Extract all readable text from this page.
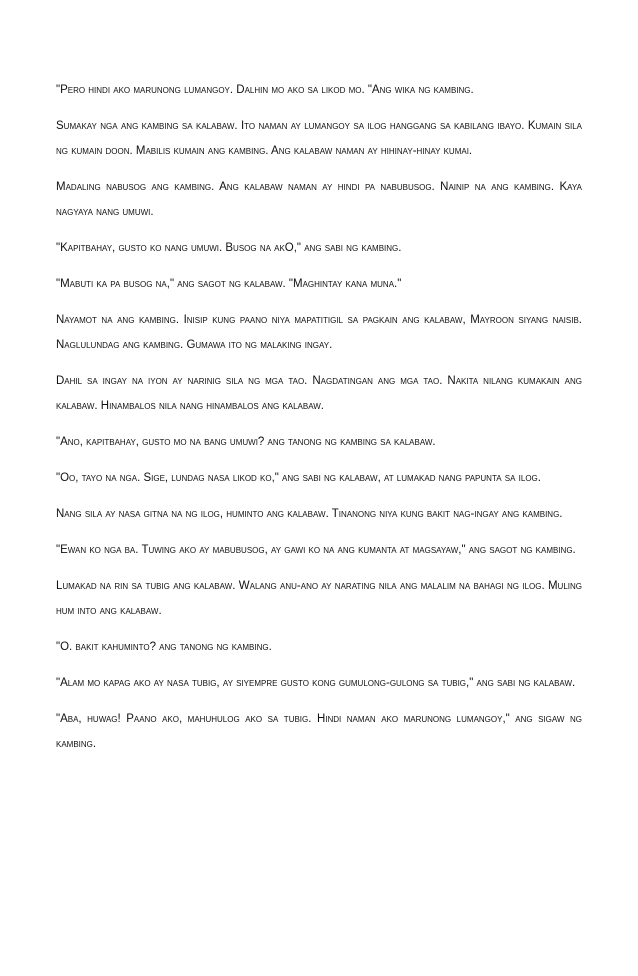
"Pero hindi ako marunong lumangoy. Dalhin mo ako sa likod mo. "Ang wika ng kambing.

Sumakay nga ang kambing sa kalabaw. Ito naman ay lumangoy sa ilog hanggang sa kabilang ibayo. Kumain sila ng kumain doon. Mabilis kumain ang kambing. Ang kalabaw naman ay hihinay-hinay kumai.

Madaling nabusog ang kambing. Ang kalabaw naman ay hindi pa nabubusog. Nainip na ang kambing. Kaya nagyaya nang umuwi.

"Kapitbahay, gusto ko nang umuwi. Busog na akO," ang sabi ng kambing.

"Mabuti ka pa busog na," ang sagot ng kalabaw. "Maghintay kana muna."

Nayamot na ang kambing. Inisip kung paano niya mapatitigil sa pagkain ang kalabaw, Mayroon siyang naisib. Naglulundag ang kambing. Gumawa ito ng malaking ingay.

Dahil sa ingay na iyon ay narinig sila ng mga tao. Nagdatingan ang mga tao. Nakita nilang kumakain ang kalabaw. Hinambalos nila nang hinambalos ang kalabaw.

"Ano, kapitbahay, gusto mo na bang umuwi? ang tanong ng kambing sa kalabaw.

"Oo, tayo na nga. Sige, lundag nasa likod ko," ang sabi ng kalabaw, at lumakad nang papunta sa ilog.

Nang sila ay nasa gitna na ng ilog, huminto ang kalabaw. Tinanong niya kung bakit nag-ingay ang kambing.

"Ewan ko nga ba. Tuwing ako ay mabubusog, ay gawi ko na ang kumanta at magsayaw," ang sagot ng kambing.

Lumakad na rin sa tubig ang kalabaw. Walang anu-ano ay narating nila ang malalim na bahagi ng ilog. Muling hum into ang kalabaw.

"O. bakit kahuminto? ang tanong ng kambing.

"Alam mo kapag ako ay nasa tubig, ay siyempre gusto kong gumulong-gulong sa tubig," ang sabi ng kalabaw.

"Aba, huwag! Paano ako, mahuhulog ako sa tubig. Hindi naman ako marunong lumangoy," ang sigaw ng kambing.
